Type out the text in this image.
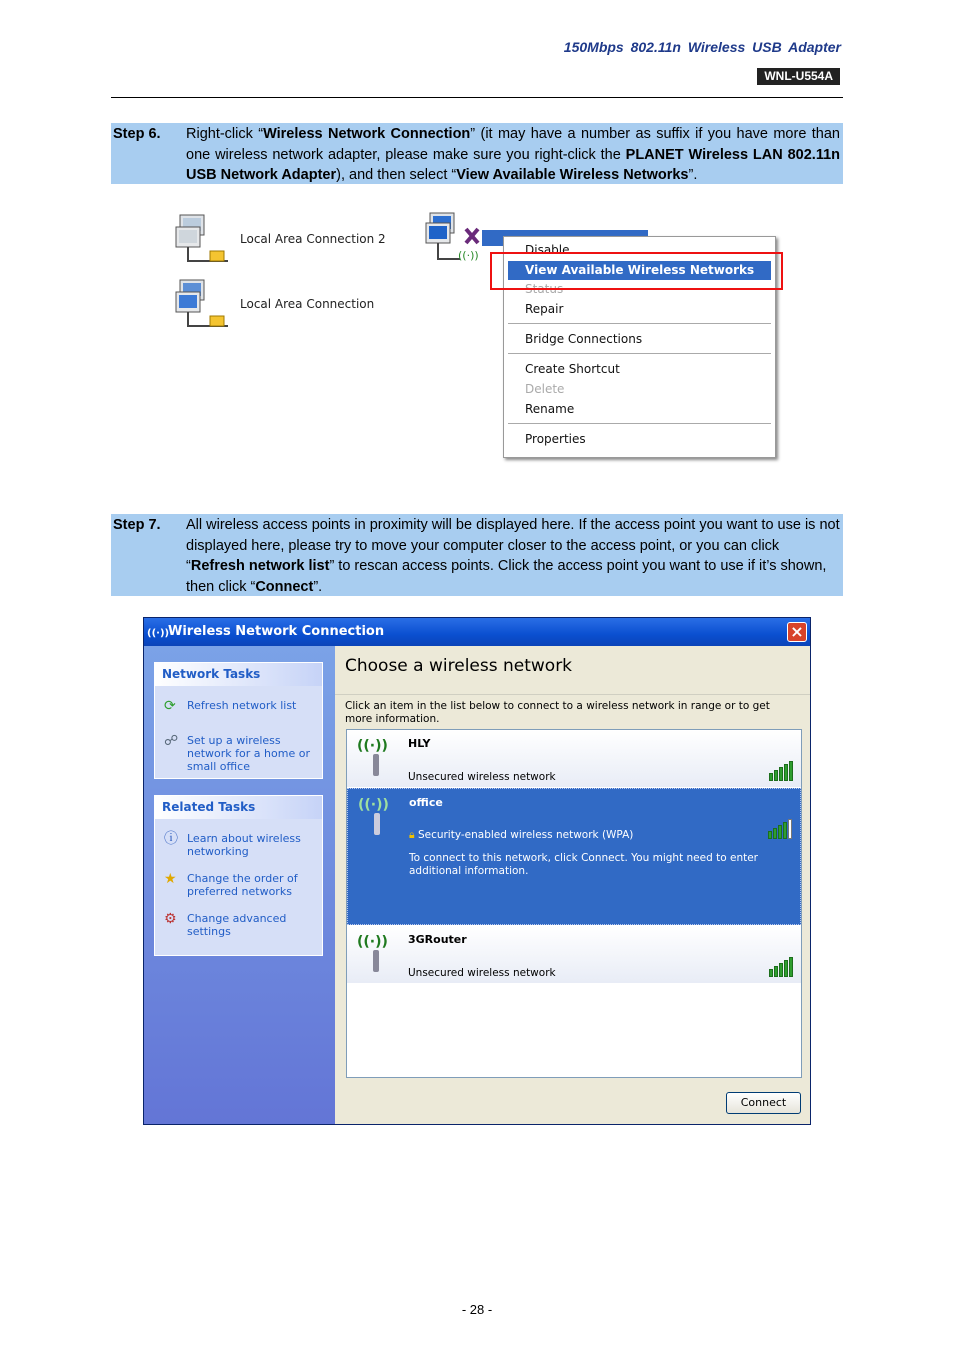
150Mbps 802.11n Wireless USB Adapter
WNL-U554A
Step 6. Right-click “Wireless Network Connection” (it may have a number as suffix if you have more than one wireless network adapter, please make sure you right-click the PLANET Wireless LAN 802.11n USB Network Adapter), and then select “View Available Wireless Networks”.
Local Area Connection 2
Local Area Connection
((·))	Disable
View Available Wireless Networks
Status
Repair
Bridge Connections
Create Shortcut
Delete
Rename
Properties
Step 7. All wireless access points in proximity will be displayed here. If the access point you want to use is not displayed here, please try to move your computer closer to the access point, or you can click “Refresh network list” to rescan access points. Click the access point you want to use if it’s shown, then click “Connect”.
((·))
Wireless Network Connection	×
Network Tasks
⟳ Refresh network list
☍ Set up a wireless network for a home or small office
Related Tasks
ⓘ Learn about wireless networking
★ Change the order of preferred networks
⚙ Change advanced settings
Choose a wireless network
Click an item in the list below to connect to a wireless network in range or to get more information.
((·)) HLY
Unsecured wireless network
((·)) office
🔒︎ Security-enabled wireless network (WPA)
To connect to this network, click Connect. You might need to enter additional information.
((·)) 3GRouter
Unsecured wireless network
Connect
- 28 -
